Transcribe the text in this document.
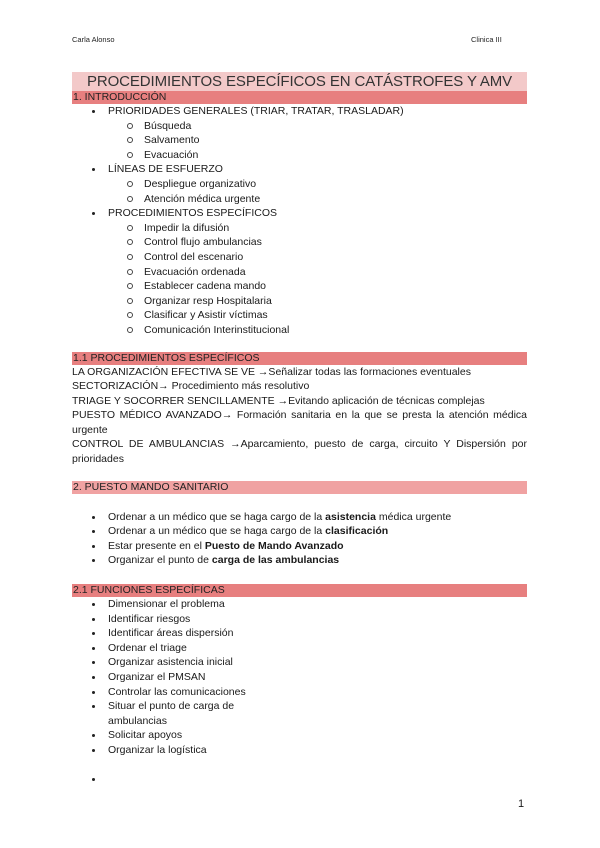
Carla Alonso	Clinica III
PROCEDIMIENTOS ESPECÍFICOS EN CATÁSTROFES Y AMV
1. INTRODUCCIÓN
PRIORIDADES GENERALES (TRIAR, TRATAR, TRASLADAR)
Búsqueda
Salvamento
Evacuación
LÍNEAS DE ESFUERZO
Despliegue organizativo
Atención médica urgente
PROCEDIMIENTOS ESPECÍFICOS
Impedir la difusión
Control flujo ambulancias
Control del escenario
Evacuación ordenada
Establecer cadena mando
Organizar resp Hospitalaria
Clasificar y Asistir víctimas
Comunicación Interinstitucional
1.1 PROCEDIMIENTOS ESPECÍFICOS
LA ORGANIZACIÓN EFECTIVA SE VE →Señalizar todas las formaciones eventuales
SECTORIZACIÓN→ Procedimiento más resolutivo
TRIAGE Y SOCORRER SENCILLAMENTE →Evitando aplicación de técnicas complejas
PUESTO MÉDICO AVANZADO→ Formación sanitaria en la que se presta la atención médica urgente
CONTROL DE AMBULANCIAS →Aparcamiento, puesto de carga, circuito Y Dispersión por prioridades
2. PUESTO MANDO SANITARIO
Ordenar a un médico que se haga cargo de la asistencia médica urgente
Ordenar a un médico que se haga cargo de la clasificación
Estar presente en el Puesto de Mando Avanzado
Organizar el punto de carga de las ambulancias
2.1 FUNCIONES ESPECÍFICAS
Dimensionar el problema
Identificar riesgos
Identificar áreas dispersión
Ordenar el triage
Organizar asistencia inicial
Organizar el PMSAN
Controlar las comunicaciones
Situar el punto de carga de ambulancias
Solicitar apoyos
Organizar la logística
1
